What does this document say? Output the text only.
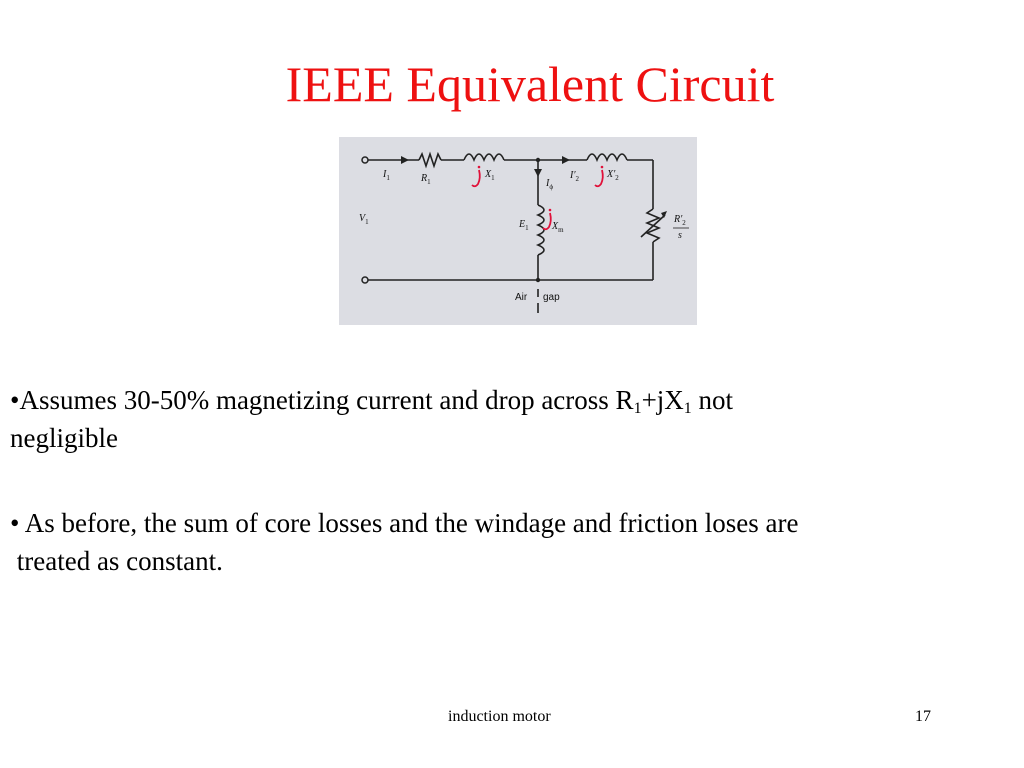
IEEE Equivalent Circuit
$I_1$	$R_1$
$X_1$	$I_\phi$
$I'_2$	$X'_2$
$V_1$	$E_1$ $X_m$
$R'_2$
s
Air gap
•Assumes 30-50% magnetizing current and drop across $R_1+jX_1$ not
negligible
• As before, the sum of core losses and the windage and friction loses are
treated as constant.
induction motor	17
